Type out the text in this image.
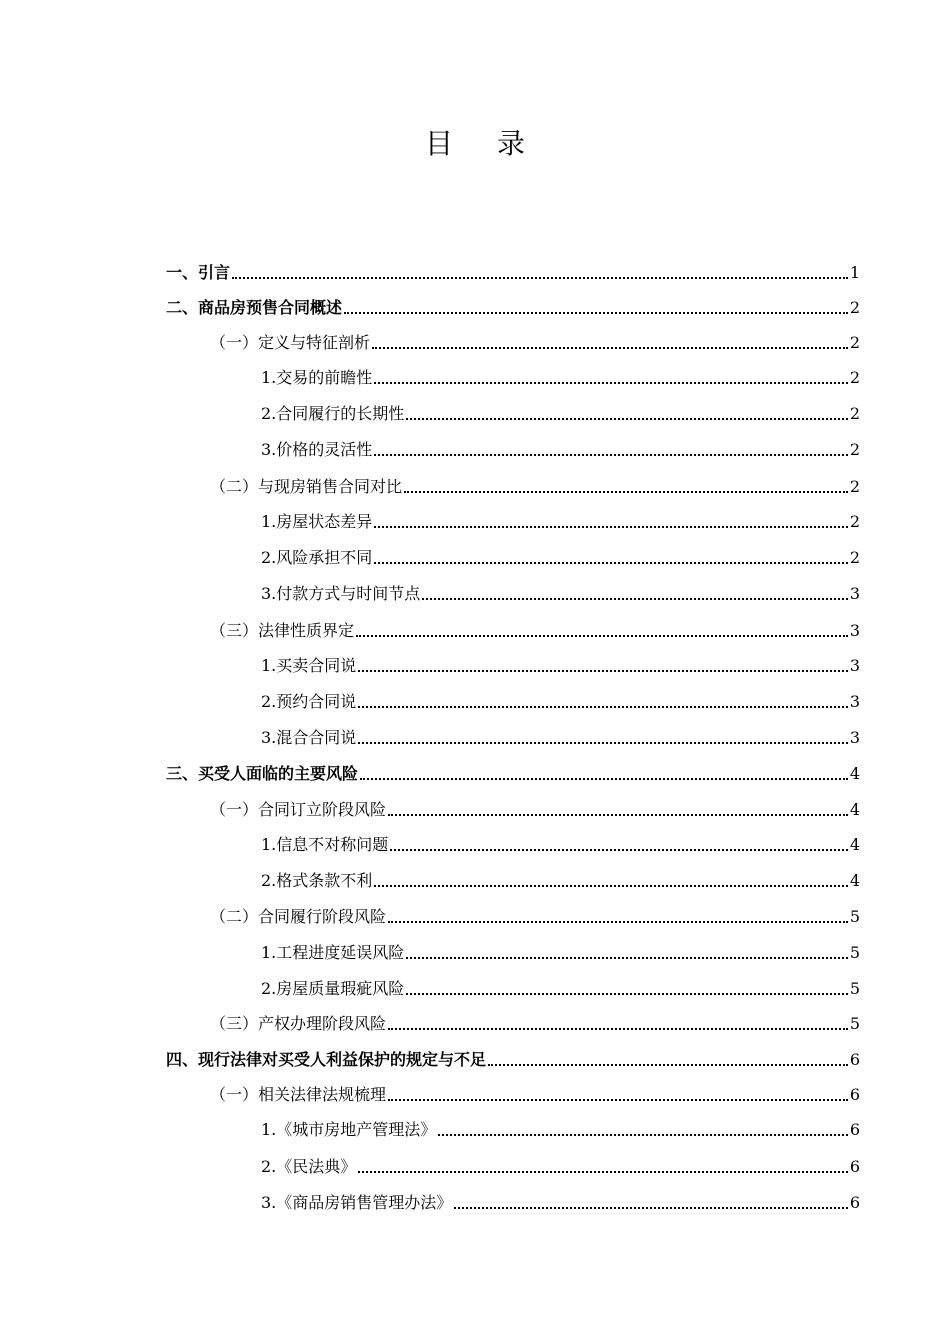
目 录
一、引言	1
二、商品房预售合同概述	2
（一）定义与特征剖析	2
1.交易的前瞻性	2
2.合同履行的长期性	2
3.价格的灵活性	2
（二）与现房销售合同对比	2
1.房屋状态差异	2
2.风险承担不同	2
3.付款方式与时间节点	3
（三）法律性质界定	3
1.买卖合同说	3
2.预约合同说	3
3.混合合同说	3
三、买受人面临的主要风险	4
（一）合同订立阶段风险	4
1.信息不对称问题	4
2.格式条款不利	4
（二）合同履行阶段风险	5
1.工程进度延误风险	5
2.房屋质量瑕疵风险	5
（三）产权办理阶段风险	5
四、现行法律对买受人利益保护的规定与不足	6
（一）相关法律法规梳理	6
1.《城市房地产管理法》	6
2.《民法典》	6
3.《商品房销售管理办法》	6
